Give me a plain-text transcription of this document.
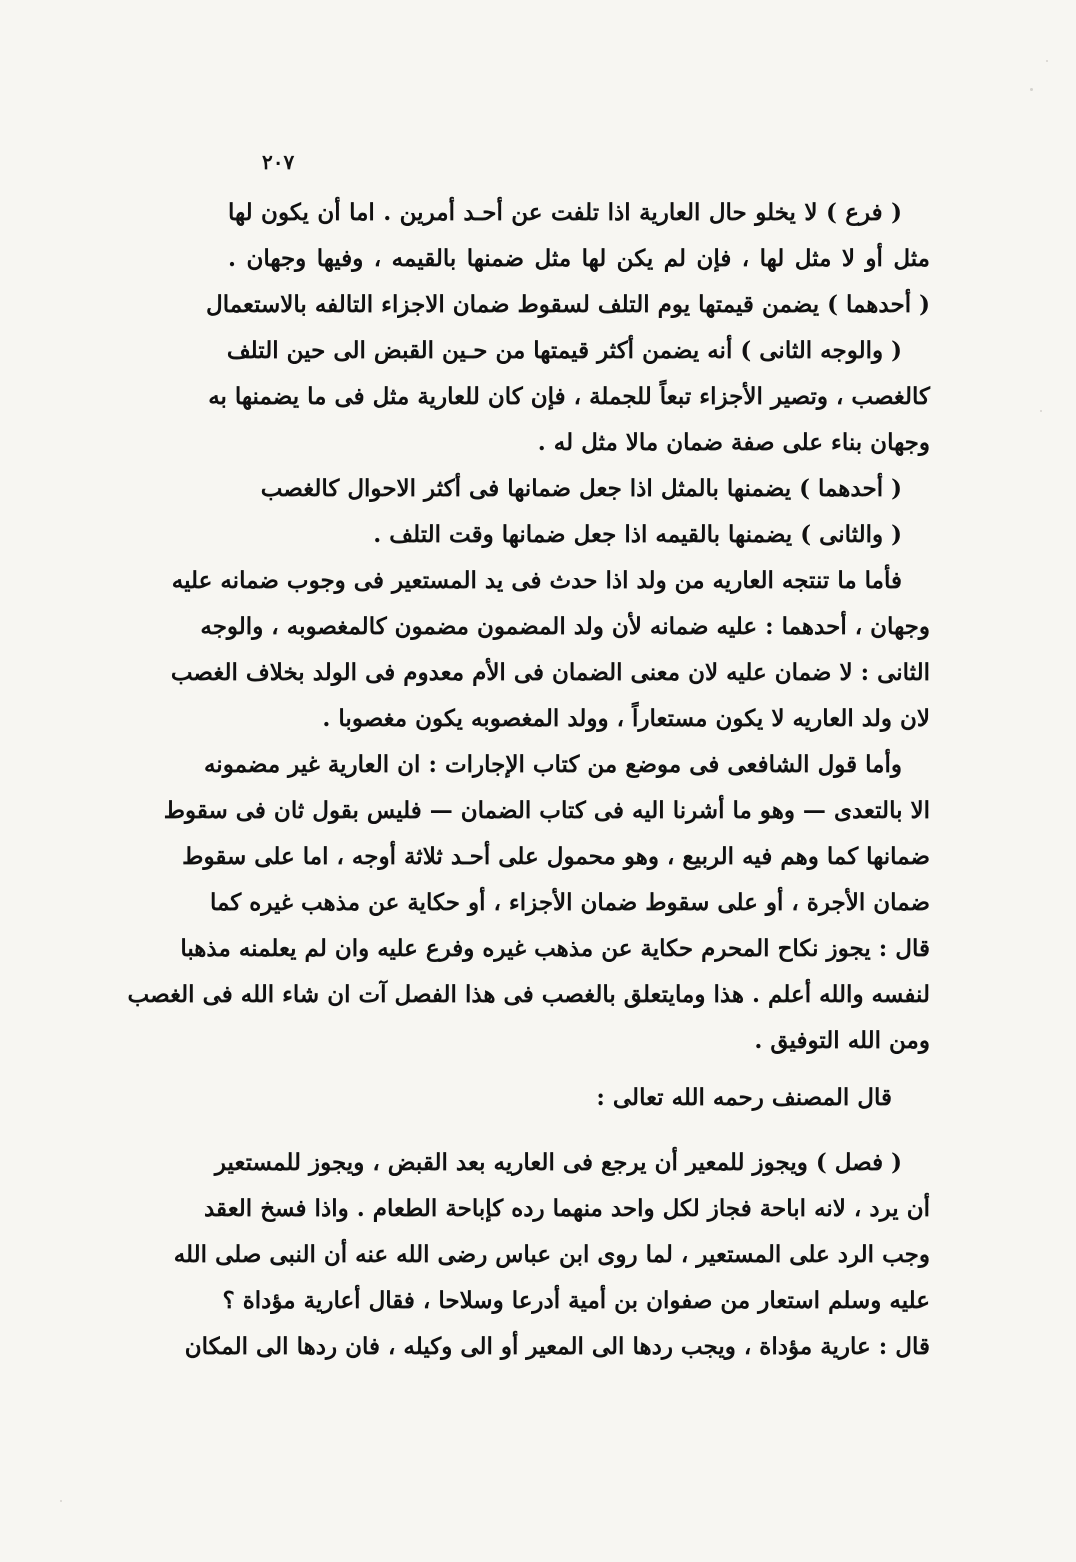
٢٠٧
( فرع ) لا يخلو حال العارية اذا تلفت عن أحـد أمرين . اما أن يكون لها
مثل أو لا مثل لها ، فإن لم يكن لها مثل ضمنها بالقيمه ، وفيها وجهان .
( أحدهما ) يضمن قيمتها يوم التلف لسقوط ضمان الاجزاء التالفه بالاستعمال
( والوجه الثانى ) أنه يضمن أكثر قيمتها من حـين القبض الى حين التلف
كالغصب ، وتصير الأجزاء تبعاً للجملة ، فإن كان للعارية مثل فى ما يضمنها به
وجهان بناء على صفة ضمان مالا مثل له .
( أحدهما ) يضمنها بالمثل اذا جعل ضمانها فى أكثر الاحوال كالغصب
( والثانى ) يضمنها بالقيمه اذا جعل ضمانها وقت التلف .
فأما ما تنتجه العاريه من ولد اذا حدث فى يد المستعير فى وجوب ضمانه عليه
وجهان ، أحدهما : عليه ضمانه لأن ولد المضمون مضمون كالمغصوبه ، والوجه
الثانى : لا ضمان عليه لان معنى الضمان فى الأم معدوم فى الولد بخلاف الغصب
لان ولد العاريه لا يكون مستعاراً ، وولد المغصوبه يكون مغصوبا .
وأما قول الشافعى فى موضع من كتاب الإجارات : ان العارية غير مضمونه
الا بالتعدى — وهو ما أشرنا اليه فى كتاب الضمان — فليس بقول ثان فى سقوط
ضمانها كما وهم فيه الربيع ، وهو محمول على أحـد ثلاثة أوجه ، اما على سقوط
ضمان الأجرة ، أو على سقوط ضمان الأجزاء ، أو حكاية عن مذهب غيره كما
قال : يجوز نكاح المحرم حكاية عن مذهب غيره وفرع عليه وان لم يعلمنه مذهبا
لنفسه والله أعلم . هذا ومايتعلق بالغصب فى هذا الفصل آت ان شاء الله فى الغصب
ومن الله التوفيق .
قال المصنف رحمه الله تعالى :
( فصل ) ويجوز للمعير أن يرجع فى العاريه بعد القبض ، ويجوز للمستعير
أن يرد ، لانه اباحة فجاز لكل واحد منهما رده كإباحة الطعام . واذا فسخ العقد
وجب الرد على المستعير ، لما روى ابن عباس رضى الله عنه أن النبى صلى الله
عليه وسلم استعار من صفوان بن أمية أدرعا وسلاحا ، فقال أعارية مؤداة ؟
قال : عارية مؤداة ، ويجب ردها الى المعير أو الى وكيله ، فان ردها الى المكان
